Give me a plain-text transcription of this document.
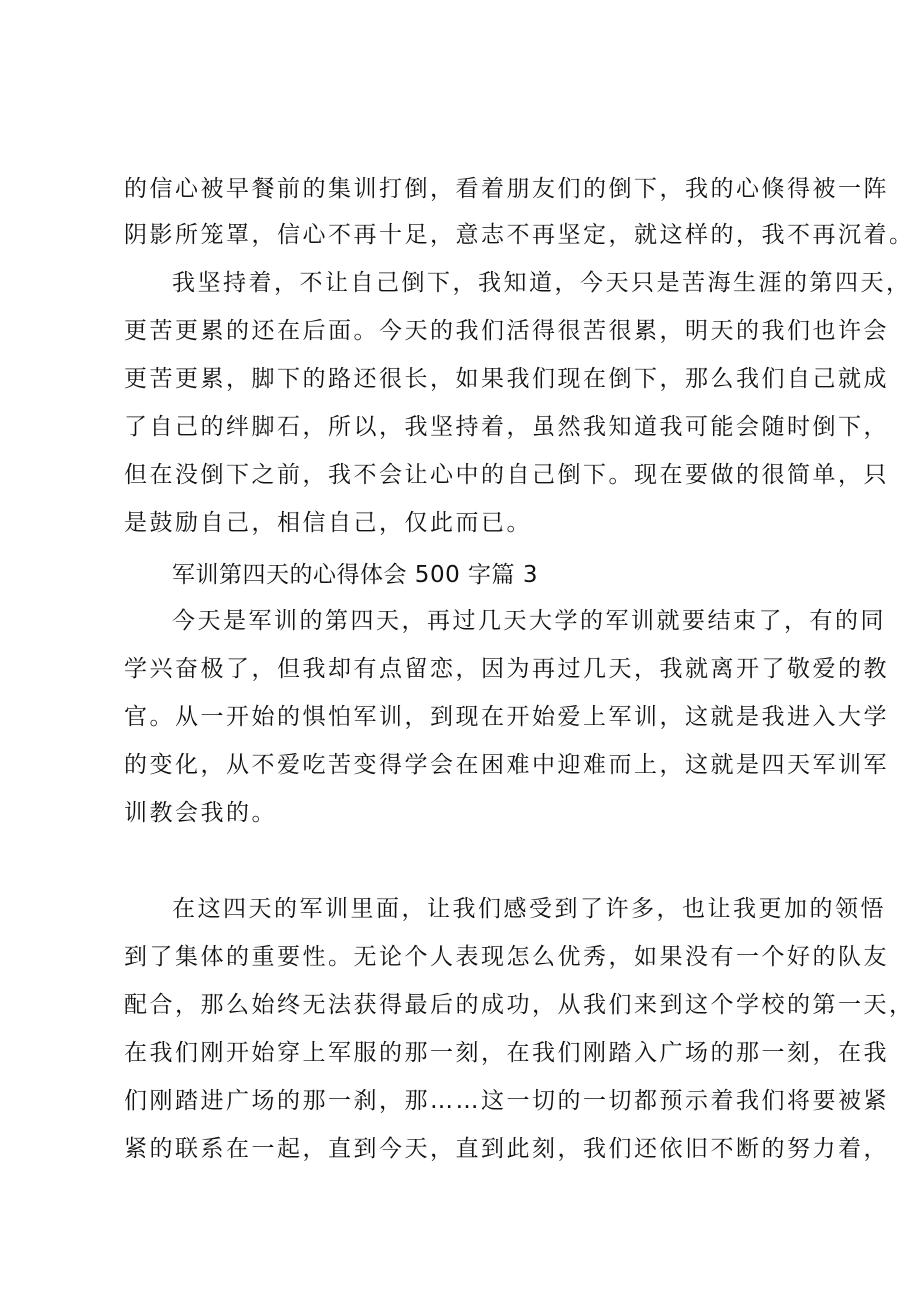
的信心被早餐前的集训打倒，看着朋友们的倒下，我的心倏得被一阵
阴影所笼罩，信心不再十足，意志不再坚定，就这样的，我不再沉着。
我坚持着，不让自己倒下，我知道，今天只是苦海生涯的第四天，
更苦更累的还在后面。今天的我们活得很苦很累，明天的我们也许会
更苦更累，脚下的路还很长，如果我们现在倒下，那么我们自己就成
了自己的绊脚石，所以，我坚持着，虽然我知道我可能会随时倒下，
但在没倒下之前，我不会让心中的自己倒下。现在要做的很简单，只
是鼓励自己，相信自己，仅此而已。
军训第四天的心得体会 500 字篇 3
今天是军训的第四天，再过几天大学的军训就要结束了，有的同
学兴奋极了，但我却有点留恋，因为再过几天，我就离开了敬爱的教
官。从一开始的惧怕军训，到现在开始爱上军训，这就是我进入大学
的变化，从不爱吃苦变得学会在困难中迎难而上，这就是四天军训军
训教会我的。
在这四天的军训里面，让我们感受到了许多，也让我更加的领悟
到了集体的重要性。无论个人表现怎么优秀，如果没有一个好的队友
配合，那么始终无法获得最后的成功，从我们来到这个学校的第一天，
在我们刚开始穿上军服的那一刻，在我们刚踏入广场的那一刻，在我
们刚踏进广场的那一刹，那……这一切的一切都预示着我们将要被紧
紧的联系在一起，直到今天，直到此刻，我们还依旧不断的努力着，
